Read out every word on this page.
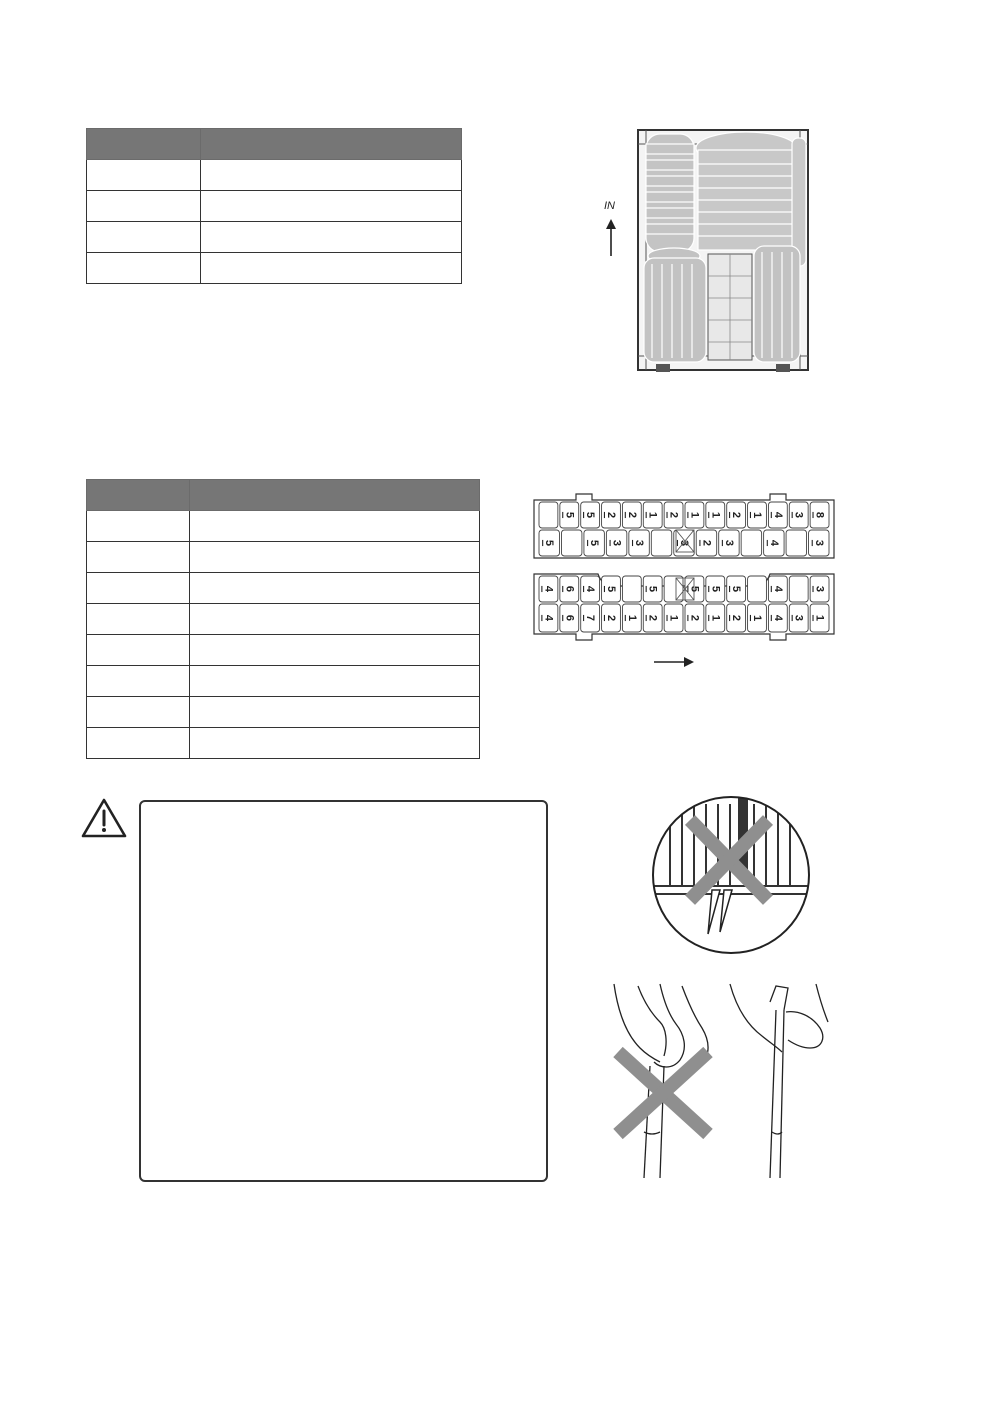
IN

5 5 2 2 1 2 1 1 2 1 4 3 8
5	5 3 3	3 2 3	4	3
4 6 4 5	5	5 5 5	4	3
4 6 7 2 1 2 1 2 1 2 1 4 3 1
